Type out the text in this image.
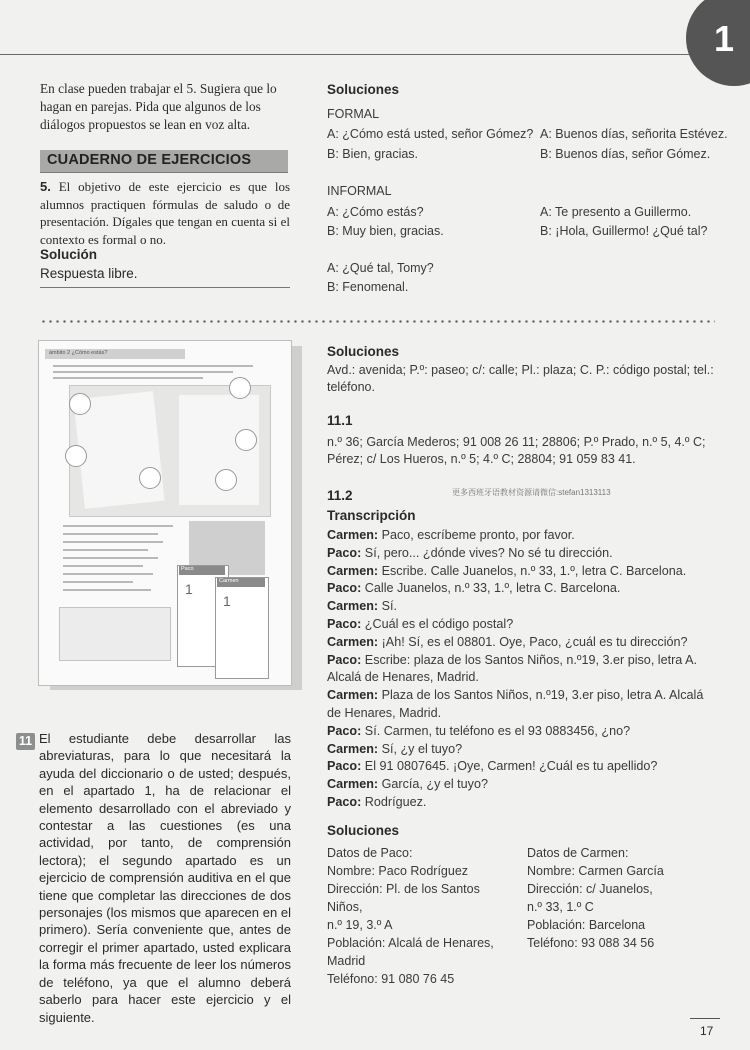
1
En clase pueden trabajar el 5. Sugiera que lo hagan en parejas. Pida que algunos de los diálogos propuestos se lean en voz alta.
CUADERNO DE EJERCICIOS
5. El objetivo de este ejercicio es que los alumnos practiquen fórmulas de saludo o de presentación. Dígales que tengan en cuenta si el contexto es formal o no.
Solución
Respuesta libre.
Soluciones
FORMAL
A: ¿Cómo está usted, señor Gómez?
B: Bien, gracias.
A: Buenos días, señorita Estévez.
B: Buenos días, señor Gómez.
INFORMAL
A: ¿Cómo estás?
B: Muy bien, gracias.
A: Te presento a Guillermo.
B: ¡Hola, Guillermo! ¿Qué tal?
A: ¿Qué tal, Tomy?
B: Fenomenal.
ámbito 2 ¿Cómo estás?
Paco
1	Carmen
1
11 El estudiante debe desarrollar las abreviaturas, para lo que necesitará la ayuda del diccionario o de usted; después, en el apartado 1, ha de relacionar el elemento desarrollado con el abreviado y contestar a las cuestiones (es una actividad, por tanto, de comprensión lectora); el segundo apartado es un ejercicio de comprensión auditiva en el que tiene que completar las direcciones de dos personajes (los mismos que aparecen en el primero). Sería conveniente que, antes de corregir el primer apartado, usted explicara la forma más frecuente de leer los números de teléfono, ya que el alumno deberá saberlo para hacer este ejercicio y el siguiente.
Soluciones
Avd.: avenida; P.º: paseo; c/: calle; Pl.: plaza; C. P.: código postal; tel.: teléfono.
11.1
n.º 36; García Mederos; 91 008 26 11; 28806; P.º Prado, n.º 5, 4.º C; Pérez; c/ Los Hueros, n.º 5; 4.º C; 28804; 91 059 83 41.
11.2	更多西班牙语教材资源请微信:stefan1313113
Transcripción
Carmen: Paco, escríbeme pronto, por favor.
Paco: Sí, pero... ¿dónde vives? No sé tu dirección.
Carmen: Escribe. Calle Juanelos, n.º 33, 1.º, letra C. Barcelona.
Paco: Calle Juanelos, n.º 33, 1.º, letra C. Barcelona.
Carmen: Sí.
Paco: ¿Cuál es el código postal?
Carmen: ¡Ah! Sí, es el 08801. Oye, Paco, ¿cuál es tu dirección?
Paco: Escribe: plaza de los Santos Niños, n.º19, 3.er piso, letra A. Alcalá de Henares, Madrid.
Carmen: Plaza de los Santos Niños, n.º19, 3.er piso, letra A. Alcalá de Henares, Madrid.
Paco: Sí. Carmen, tu teléfono es el 93 0883456, ¿no?
Carmen: Sí, ¿y el tuyo?
Paco: El 91 0807645. ¡Oye, Carmen! ¿Cuál es tu apellido?
Carmen: García, ¿y el tuyo?
Paco: Rodríguez.
Soluciones
Datos de Paco:
Nombre: Paco Rodríguez
Dirección: Pl. de los Santos Niños,
n.º 19, 3.º A
Población: Alcalá de Henares,
Madrid
Teléfono: 91 080 76 45
Datos de Carmen:
Nombre: Carmen García
Dirección: c/ Juanelos,
n.º 33, 1.º C
Población: Barcelona
Teléfono: 93 088 34 56
17
